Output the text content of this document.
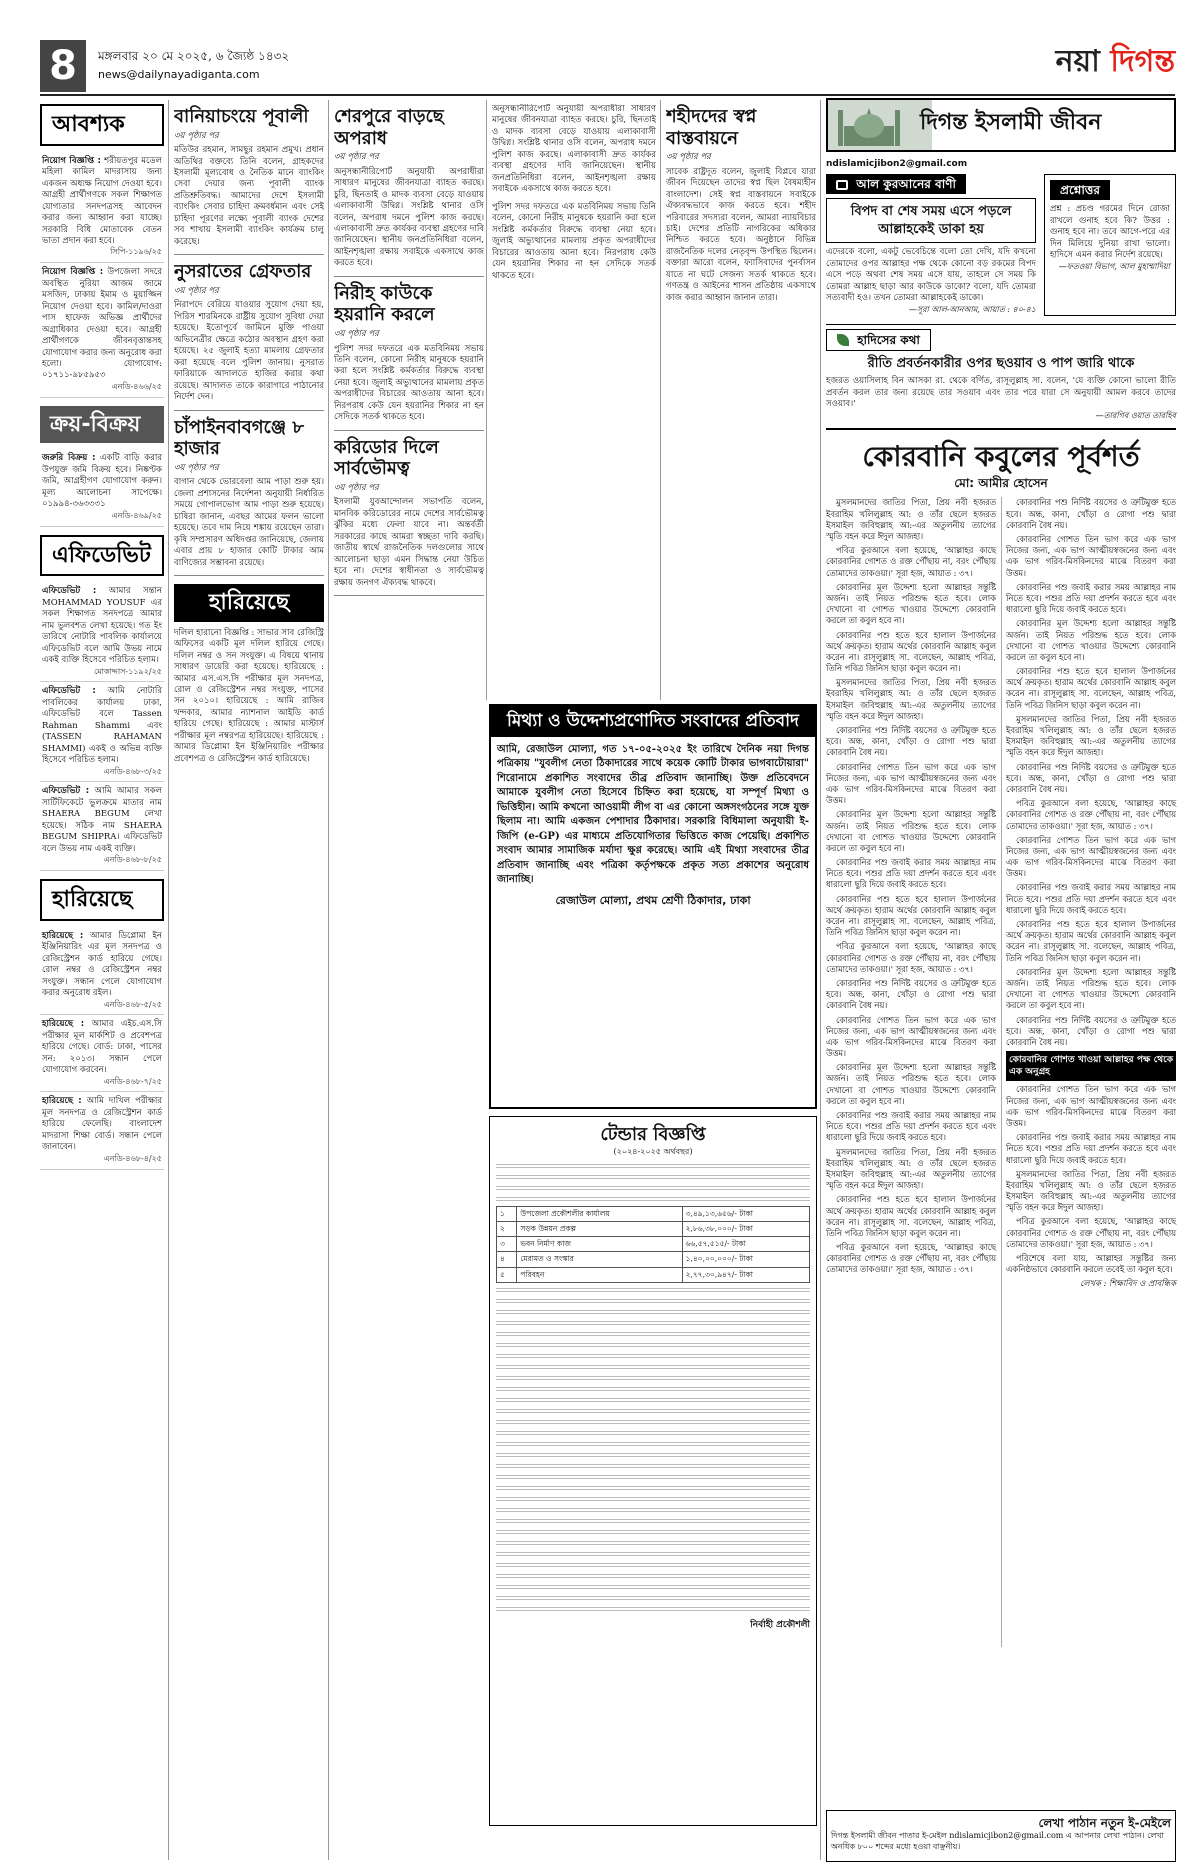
8	মঙ্গলবার ২০ মে ২০২৫, ৬ জ্যৈষ্ঠ ১৪৩২
news@dailynayadiganta.com	নয়া দিগন্ত
আবশ্যক
নিয়োগ বিজ্ঞপ্তি : শরীয়তপুর মডেল মহিলা কামিল মাদরাসায় জন্য একজন অধ্যক্ষ নিয়োগ দেওয়া হবে। আগ্রহী প্রার্থীগণকে সকল শিক্ষাগত যোগ্যতার সনদপত্রসহ আবেদন করার জন্য আহ্বান করা যাচ্ছে। সরকারি বিধি মোতাবেক বেতন ভাতা প্রদান করা হবে।
সিপি-১১৯৬/২৫
নিয়োগ বিজ্ঞপ্তি : উপজেলা সদরে অবস্থিত নুরিয়া আজম জামে মসজিদ, ঢাকায় ইমাম ও মুয়াজ্জিন নিয়োগ দেওয়া হবে। কামিল/দাওরা পাস হাফেজ অভিজ্ঞ প্রার্থীদের অগ্রাধিকার দেওয়া হবে। আগ্রহী প্রার্থীগণকে জীবনবৃত্তান্তসহ যোগাযোগ করার জন্য অনুরোধ করা হলো। যোগাযোগ: ০১৭১১-৯৮৫৯৫৩
এনডি-৪৬৬/২৫
ক্রয়-বিক্রয়
জরুরি বিক্রয় : একটি বাড়ি করার উপযুক্ত জমি বিক্রয় হবে। নিষ্কণ্টক জমি, আগ্রহীগণ যোগাযোগ করুন। মূল্য আলোচনা সাপেক্ষে। ০১৯৯৪-৩৬৩৩৩১
এনডি-৪৬৯/২৫
এফিডেভিট
এফিডেভিট : আমার সন্তান MOHAMMAD YOUSUF এর সকল শিক্ষাগত সনদপত্রে আমার নাম ভুলবশত লেখা হয়েছে। গত ইং তারিখে নোটারি পাবলিক কার্যালয়ে এফিডেভিট বলে আমি উভয় নামে একই ব্যক্তি হিসেবে পরিচিত হলাম।
মোকাদ্দাস-১১৯২/২৫
এফিডেভিট : আমি নোটারি পাবলিকের কার্যালয় ঢাকা, এফিডেভিট বলে Tassen Rahman Shammi এবং (TASSEN RAHAMAN SHAMMI) একই ও অভিন্ন ব্যক্তি হিসেবে পরিচিত হলাম।
এনডি-৪৬৮-৩/২৫
এফিডেভিট : আমি আমার সকল সার্টিফিকেটে ভুলক্রমে মাতার নাম SHAERA BEGUM লেখা হয়েছে। সঠিক নাম SHAERA BEGUM SHIPRA। এফিডেভিট বলে উভয় নাম একই ব্যক্তি।
এনডি-৪৬৮-৮/২৫
হারিয়েছে
হারিয়েছে : আমার ডিপ্লোমা ইন ইঞ্জিনিয়ারিং এর মূল সনদপত্র ও রেজিস্ট্রেশন কার্ড হারিয়ে গেছে। রোল নম্বর ও রেজিস্ট্রেশন নম্বর সংযুক্ত। সন্ধান পেলে যোগাযোগ করার অনুরোধ রইল।
এনডি-৪৬৮-৫/২৫
হারিয়েছে : আমার এইচ.এস.সি পরীক্ষার মূল মার্কশিট ও প্রবেশপত্র হারিয়ে গেছে। বোর্ড: ঢাকা, পাসের সন: ২০১৩। সন্ধান পেলে যোগাযোগ করবেন।
এনডি-৪৬৮-৭/২৫
হারিয়েছে : আমি দাখিল পরীক্ষার মূল সনদপত্র ও রেজিস্ট্রেশন কার্ড হারিয়ে ফেলেছি। বাংলাদেশ মাদরাসা শিক্ষা বোর্ড। সন্ধান পেলে জানাবেন।
এনডি-৪৬৮-৪/২৫
বানিয়াচংয়ে পূবালী
৩য় পৃষ্ঠার পর
মতিউর রহমান, সামছুর রহমান প্রমুখ। প্রধান অতিথির বক্তব্যে তিনি বলেন, গ্রাহকদের ইসলামী মূল্যবোধ ও নৈতিক মানে ব্যাংকিং সেবা দেয়ার জন্য পূবালী ব্যাংক প্রতিশ্রুতিবদ্ধ। আমাদের দেশে ইসলামী ব্যাংকিং সেবার চাহিদা ক্রমবর্ধমান এবং সেই চাহিদা পূরণের লক্ষ্যে পূবালী ব্যাংক দেশের সব শাখায় ইসলামী ব্যাংকিং কার্যক্রম চালু করেছে।
নুসরাতের গ্রেফতার
৩য় পৃষ্ঠার পর
নিরাপদে বেরিয়ে যাওয়ার সুযোগ দেয়া হয়, পিরিস শারমিনকে রাষ্ট্রীয় সুযোগ সুবিধা দেয়া হয়েছে। ইতোপূর্বে জামিনে মুক্তি পাওয়া অভিনেত্রীর ক্ষেত্রে কঠোর অবস্থান গ্রহণ করা হয়েছে। ২৫ জুলাই হত্যা মামলায় গ্রেফতার করা হয়েছে বলে পুলিশ জানায়। নুসরাত ফারিয়াকে আদালতে হাজির করার কথা রয়েছে। আদালত তাকে কারাগারে পাঠানোর নির্দেশ দেন।
চাঁপাইনবাবগঞ্জে ৮ হাজার
৩য় পৃষ্ঠার পর
বাগান থেকে ভোরবেলা আম পাড়া শুরু হয়। জেলা প্রশাসনের নির্দেশনা অনুযায়ী নির্ধারিত সময়ে গোপালভোগ আম পাড়া শুরু হয়েছে। চাষিরা জানান, এবছর আমের ফলন ভালো হয়েছে। তবে দাম নিয়ে শঙ্কায় রয়েছেন তারা। কৃষি সম্প্রসারণ অধিদপ্তর জানিয়েছে, জেলায় এবার প্রায় ৮ হাজার কোটি টাকার আম বাণিজ্যের সম্ভাবনা রয়েছে।
হারিয়েছে
দলিল হারানো বিজ্ঞপ্তি : সাভার সাব রেজিস্ট্রি অফিসের একটি মূল দলিল হারিয়ে গেছে। দলিল নম্বর ও সন সংযুক্ত। এ বিষয়ে থানায় সাধারণ ডায়েরি করা হয়েছে। হারিয়েছে : আমার এস.এস.সি পরীক্ষার মূল সনদপত্র, রোল ও রেজিস্ট্রেশন নম্বর সংযুক্ত, পাসের সন ২০১০। হারিয়েছে : আমি রাজিব খন্দকার, আমার ন্যাশনাল আইডি কার্ড হারিয়ে গেছে। হারিয়েছে : আমার মাস্টার্স পরীক্ষার মূল নম্বরপত্র হারিয়েছে। হারিয়েছে : আমার ডিপ্লোমা ইন ইঞ্জিনিয়ারিং পরীক্ষার প্রবেশপত্র ও রেজিস্ট্রেশন কার্ড হারিয়েছে।
শেরপুরে বাড়ছে অপরাধ
৩য় পৃষ্ঠার পর
অনুসন্ধানীরিপোর্ট অনুযায়ী অপরাধীরা সাধারণ মানুষের জীবনযাত্রা ব্যাহত করছে। চুরি, ছিনতাই ও মাদক ব্যবসা বেড়ে যাওয়ায় এলাকাবাসী উদ্বিগ্ন। সংশ্লিষ্ট থানার ওসি বলেন, অপরাধ দমনে পুলিশ কাজ করছে। এলাকাবাসী দ্রুত কার্যকর ব্যবস্থা গ্রহণের দাবি জানিয়েছেন। স্থানীয় জনপ্রতিনিধিরা বলেন, আইনশৃঙ্খলা রক্ষায় সবাইকে একসাথে কাজ করতে হবে।
নিরীহ কাউকে হয়রানি করলে
৩য় পৃষ্ঠার পর
পুলিশ সদর দফতরে এক মতবিনিময় সভায় তিনি বলেন, কোনো নিরীহ মানুষকে হয়রানি করা হলে সংশ্লিষ্ট কর্মকর্তার বিরুদ্ধে ব্যবস্থা নেয়া হবে। জুলাই অভ্যুত্থানের মামলায় প্রকৃত অপরাধীদের বিচারের আওতায় আনা হবে। নিরপরাধ কেউ যেন হয়রানির শিকার না হন সেদিকে সতর্ক থাকতে হবে।
করিডোর দিলে সার্বভৌমত্ব
৩য় পৃষ্ঠার পর
ইসলামী যুবআন্দোলন সভাপতি বলেন, মানবিক করিডোরের নামে দেশের সার্বভৌমত্ব ঝুঁকির মধ্যে ফেলা যাবে না। অন্তর্বর্তী সরকারের কাছে আমরা স্বচ্ছতা দাবি করছি। জাতীয় স্বার্থে রাজনৈতিক দলগুলোর সাথে আলোচনা ছাড়া এমন সিদ্ধান্ত নেয়া উচিত হবে না। দেশের স্বাধীনতা ও সার্বভৌমত্ব রক্ষায় জনগণ ঐক্যবদ্ধ থাকবে।
শহীদদের স্বপ্ন বাস্তবায়নে
৩য় পৃষ্ঠার পর
সাবেক রাষ্ট্রদূত বলেন, জুলাই বিপ্লবে যারা জীবন দিয়েছেন তাদের স্বপ্ন ছিল বৈষম্যহীন বাংলাদেশ। সেই স্বপ্ন বাস্তবায়নে সবাইকে ঐক্যবদ্ধভাবে কাজ করতে হবে। শহীদ পরিবারের সদস্যরা বলেন, আমরা ন্যায়বিচার চাই। দেশের প্রতিটি নাগরিকের অধিকার নিশ্চিত করতে হবে। অনুষ্ঠানে বিভিন্ন রাজনৈতিক দলের নেতৃবৃন্দ উপস্থিত ছিলেন। বক্তারা আরো বলেন, ফ্যাসিবাদের পুনর্বাসন যাতে না ঘটে সেজন্য সতর্ক থাকতে হবে। গণতন্ত্র ও আইনের শাসন প্রতিষ্ঠায় একসাথে কাজ করার আহ্বান জানান তারা।
অনুসন্ধানীরিপোর্ট অনুযায়ী অপরাধীরা সাধারণ মানুষের জীবনযাত্রা ব্যাহত করছে। চুরি, ছিনতাই ও মাদক ব্যবসা বেড়ে যাওয়ায় এলাকাবাসী উদ্বিগ্ন। সংশ্লিষ্ট থানার ওসি বলেন, অপরাধ দমনে পুলিশ কাজ করছে। এলাকাবাসী দ্রুত কার্যকর ব্যবস্থা গ্রহণের দাবি জানিয়েছেন। স্থানীয় জনপ্রতিনিধিরা বলেন, আইনশৃঙ্খলা রক্ষায় সবাইকে একসাথে কাজ করতে হবে।
পুলিশ সদর দফতরে এক মতবিনিময় সভায় তিনি বলেন, কোনো নিরীহ মানুষকে হয়রানি করা হলে সংশ্লিষ্ট কর্মকর্তার বিরুদ্ধে ব্যবস্থা নেয়া হবে। জুলাই অভ্যুত্থানের মামলায় প্রকৃত অপরাধীদের বিচারের আওতায় আনা হবে। নিরপরাধ কেউ যেন হয়রানির শিকার না হন সেদিকে সতর্ক থাকতে হবে।
মিথ্যা ও উদ্দেশ্যপ্রণোদিত সংবাদের প্রতিবাদ
আমি, রেজাউল মোল্যা, গত ১৭-০৫-২০২৫ ইং তারিখে দৈনিক নয়া দিগন্ত পত্রিকায় "যুবলীগ নেতা ঠিকাদারের সাথে কয়েক কোটি টাকার ভাগবাটোয়ারা" শিরোনামে প্রকাশিত সংবাদের তীব্র প্রতিবাদ জানাচ্ছি। উক্ত প্রতিবেদনে আমাকে যুবলীগ নেতা হিসেবে চিহ্নিত করা হয়েছে, যা সম্পূর্ণ মিথ্যা ও ভিত্তিহীন। আমি কখনো আওয়ামী লীগ বা এর কোনো অঙ্গসংগঠনের সঙ্গে যুক্ত ছিলাম না। আমি একজন পেশাদার ঠিকাদার। সরকারি বিধিমালা অনুযায়ী ই-জিপি (e-GP) এর মাধ্যমে প্রতিযোগিতার ভিত্তিতে কাজ পেয়েছি। প্রকাশিত সংবাদ আমার সামাজিক মর্যাদা ক্ষুণ্ণ করেছে। আমি এই মিথ্যা সংবাদের তীব্র প্রতিবাদ জানাচ্ছি এবং পত্রিকা কর্তৃপক্ষকে প্রকৃত সত্য প্রকাশের অনুরোধ জানাচ্ছি।
রেজাউল মোল্যা, প্রথম শ্রেণী ঠিকাদার, ঢাকা
টেন্ডার বিজ্ঞপ্তি
(২০২৪-২০২৫ অর্থবছর)
১	উপজেলা প্রকৌশলীর কার্যালয়	৩,৪৯,১৩,৬৫৬/- টাকা
২	সড়ক উন্নয়ন প্রকল্প	২,৮৬,৩৮,০০০/- টাকা
৩	ভবন নির্মাণ কাজ	৬৬,৫৭,৫১৫/- টাকা
৪	মেরামত ও সংস্কার	১,৪০,০০,০০০/- টাকা
৫	পরিবহন	২,৭৭,৩০,৯৪৭/- টাকা
নির্বাহী প্রকৌশলী
দিগন্ত ইসলামী জীবন
ndislamicjibon2@gmail.com
আল কুরআনের বাণী
বিপদ বা শেষ সময় এসে পড়লে আল্লাহকেই ডাকা হয়
এদেরকে বলো, একটু ভেবেচিন্তে বলো তো দেখি, যদি কখনো তোমাদের ওপর আল্লাহর পক্ষ থেকে কোনো বড় রকমের বিপদ এসে পড়ে অথবা শেষ সময় এসে যায়, তাহলে সে সময় কি তোমরা আল্লাহ ছাড়া আর কাউকে ডাকো? বলো, যদি তোমরা সত্যবাদী হও। তখন তোমরা আল্লাহকেই ডাকো।
—সূরা আল-আনআম, আয়াত : ৪০-৪১
প্রশ্নোত্তর
প্রশ্ন : প্রচণ্ড গরমের দিনে রোজা রাখলে গুনাহ হবে কি? উত্তর : গুনাহ হবে না। তবে আগে-পরে এর দিন মিলিয়ে দুনিয়া রাখা ভালো। হাদিসে এমন করার নির্দেশ রয়েছে।
—ফতওয়া বিভাগ, আল মুহাম্মাদিয়া
হাদিসের কথা
রীতি প্রবর্তনকারীর ওপর ছওয়াব ও পাপ জারি থাকে
হজরত ওয়াসিলাহ বিন আসকা রা. থেকে বর্ণিত, রাসূলুল্লাহ সা. বলেন, 'যে ব্যক্তি কোনো ভালো রীতি প্রবর্তন করল তার জন্য রয়েছে তার সওয়াব এবং তার পরে যারা সে অনুযায়ী আমল করবে তাদের সওয়াব।'
—তারগিব ওয়াত তারহিব
কোরবানি কবুলের পূর্বশর্ত
মো: আমীর হোসেন

মুসলমানদের জাতির পিতা, প্রিয় নবী হজরত ইবরাহিম খলিলুল্লাহ আ: ও তাঁর ছেলে হজরত ইসমাইল জবিহুল্লাহ আ:-এর অতুলনীয় ত্যাগের স্মৃতি বহন করে ঈদুল আজহা।

পবিত্র কুরআনে বলা হয়েছে, 'আল্লাহর কাছে কোরবানির গোশত ও রক্ত পৌঁছায় না, বরং পৌঁছায় তোমাদের তাকওয়া।' সূরা হজ, আয়াত : ৩৭।

কোরবানির মূল উদ্দেশ্য হলো আল্লাহর সন্তুষ্টি অর্জন। তাই নিয়ত পরিশুদ্ধ হতে হবে। লোক দেখানো বা গোশত খাওয়ার উদ্দেশ্যে কোরবানি করলে তা কবুল হবে না।

কোরবানির পশু হতে হবে হালাল উপার্জনের অর্থে ক্রয়কৃত। হারাম অর্থের কোরবানি আল্লাহ কবুল করেন না। রাসূলুল্লাহ সা. বলেছেন, আল্লাহ পবিত্র, তিনি পবিত্র জিনিস ছাড়া কবুল করেন না।

মুসলমানদের জাতির পিতা, প্রিয় নবী হজরত ইবরাহিম খলিলুল্লাহ আ: ও তাঁর ছেলে হজরত ইসমাইল জবিহুল্লাহ আ:-এর অতুলনীয় ত্যাগের স্মৃতি বহন করে ঈদুল আজহা।

কোরবানির পশু নির্দিষ্ট বয়সের ও ত্রুটিমুক্ত হতে হবে। অন্ধ, কানা, খোঁড়া ও রোগা পশু দ্বারা কোরবানি বৈধ নয়।

কোরবানির গোশত তিন ভাগ করে এক ভাগ নিজের জন্য, এক ভাগ আত্মীয়স্বজনের জন্য এবং এক ভাগ গরিব-মিসকিনদের মাঝে বিতরণ করা উত্তম।

কোরবানির মূল উদ্দেশ্য হলো আল্লাহর সন্তুষ্টি অর্জন। তাই নিয়ত পরিশুদ্ধ হতে হবে। লোক দেখানো বা গোশত খাওয়ার উদ্দেশ্যে কোরবানি করলে তা কবুল হবে না।

কোরবানির পশু জবাই করার সময় আল্লাহর নাম নিতে হবে। পশুর প্রতি দয়া প্রদর্শন করতে হবে এবং ধারালো ছুরি দিয়ে জবাই করতে হবে।

কোরবানির পশু হতে হবে হালাল উপার্জনের অর্থে ক্রয়কৃত। হারাম অর্থের কোরবানি আল্লাহ কবুল করেন না। রাসূলুল্লাহ সা. বলেছেন, আল্লাহ পবিত্র, তিনি পবিত্র জিনিস ছাড়া কবুল করেন না।

পবিত্র কুরআনে বলা হয়েছে, 'আল্লাহর কাছে কোরবানির গোশত ও রক্ত পৌঁছায় না, বরং পৌঁছায় তোমাদের তাকওয়া।' সূরা হজ, আয়াত : ৩৭।

কোরবানির পশু নির্দিষ্ট বয়সের ও ত্রুটিমুক্ত হতে হবে। অন্ধ, কানা, খোঁড়া ও রোগা পশু দ্বারা কোরবানি বৈধ নয়।

কোরবানির গোশত তিন ভাগ করে এক ভাগ নিজের জন্য, এক ভাগ আত্মীয়স্বজনের জন্য এবং এক ভাগ গরিব-মিসকিনদের মাঝে বিতরণ করা উত্তম।

কোরবানির মূল উদ্দেশ্য হলো আল্লাহর সন্তুষ্টি অর্জন। তাই নিয়ত পরিশুদ্ধ হতে হবে। লোক দেখানো বা গোশত খাওয়ার উদ্দেশ্যে কোরবানি করলে তা কবুল হবে না।

কোরবানির পশু জবাই করার সময় আল্লাহর নাম নিতে হবে। পশুর প্রতি দয়া প্রদর্শন করতে হবে এবং ধারালো ছুরি দিয়ে জবাই করতে হবে।

মুসলমানদের জাতির পিতা, প্রিয় নবী হজরত ইবরাহিম খলিলুল্লাহ আ: ও তাঁর ছেলে হজরত ইসমাইল জবিহুল্লাহ আ:-এর অতুলনীয় ত্যাগের স্মৃতি বহন করে ঈদুল আজহা।

কোরবানির পশু হতে হবে হালাল উপার্জনের অর্থে ক্রয়কৃত। হারাম অর্থের কোরবানি আল্লাহ কবুল করেন না। রাসূলুল্লাহ সা. বলেছেন, আল্লাহ পবিত্র, তিনি পবিত্র জিনিস ছাড়া কবুল করেন না।

পবিত্র কুরআনে বলা হয়েছে, 'আল্লাহর কাছে কোরবানির গোশত ও রক্ত পৌঁছায় না, বরং পৌঁছায় তোমাদের তাকওয়া।' সূরা হজ, আয়াত : ৩৭।

কোরবানির পশু নির্দিষ্ট বয়সের ও ত্রুটিমুক্ত হতে হবে। অন্ধ, কানা, খোঁড়া ও রোগা পশু দ্বারা কোরবানি বৈধ নয়।

কোরবানির গোশত তিন ভাগ করে এক ভাগ নিজের জন্য, এক ভাগ আত্মীয়স্বজনের জন্য এবং এক ভাগ গরিব-মিসকিনদের মাঝে বিতরণ করা উত্তম।

কোরবানির পশু জবাই করার সময় আল্লাহর নাম নিতে হবে। পশুর প্রতি দয়া প্রদর্শন করতে হবে এবং ধারালো ছুরি দিয়ে জবাই করতে হবে।

কোরবানির মূল উদ্দেশ্য হলো আল্লাহর সন্তুষ্টি অর্জন। তাই নিয়ত পরিশুদ্ধ হতে হবে। লোক দেখানো বা গোশত খাওয়ার উদ্দেশ্যে কোরবানি করলে তা কবুল হবে না।

কোরবানির পশু হতে হবে হালাল উপার্জনের অর্থে ক্রয়কৃত। হারাম অর্থের কোরবানি আল্লাহ কবুল করেন না। রাসূলুল্লাহ সা. বলেছেন, আল্লাহ পবিত্র, তিনি পবিত্র জিনিস ছাড়া কবুল করেন না।

মুসলমানদের জাতির পিতা, প্রিয় নবী হজরত ইবরাহিম খলিলুল্লাহ আ: ও তাঁর ছেলে হজরত ইসমাইল জবিহুল্লাহ আ:-এর অতুলনীয় ত্যাগের স্মৃতি বহন করে ঈদুল আজহা।

কোরবানির পশু নির্দিষ্ট বয়সের ও ত্রুটিমুক্ত হতে হবে। অন্ধ, কানা, খোঁড়া ও রোগা পশু দ্বারা কোরবানি বৈধ নয়।

পবিত্র কুরআনে বলা হয়েছে, 'আল্লাহর কাছে কোরবানির গোশত ও রক্ত পৌঁছায় না, বরং পৌঁছায় তোমাদের তাকওয়া।' সূরা হজ, আয়াত : ৩৭।

কোরবানির গোশত তিন ভাগ করে এক ভাগ নিজের জন্য, এক ভাগ আত্মীয়স্বজনের জন্য এবং এক ভাগ গরিব-মিসকিনদের মাঝে বিতরণ করা উত্তম।

কোরবানির পশু জবাই করার সময় আল্লাহর নাম নিতে হবে। পশুর প্রতি দয়া প্রদর্শন করতে হবে এবং ধারালো ছুরি দিয়ে জবাই করতে হবে।

কোরবানির পশু হতে হবে হালাল উপার্জনের অর্থে ক্রয়কৃত। হারাম অর্থের কোরবানি আল্লাহ কবুল করেন না। রাসূলুল্লাহ সা. বলেছেন, আল্লাহ পবিত্র, তিনি পবিত্র জিনিস ছাড়া কবুল করেন না।

কোরবানির মূল উদ্দেশ্য হলো আল্লাহর সন্তুষ্টি অর্জন। তাই নিয়ত পরিশুদ্ধ হতে হবে। লোক দেখানো বা গোশত খাওয়ার উদ্দেশ্যে কোরবানি করলে তা কবুল হবে না।

কোরবানির পশু নির্দিষ্ট বয়সের ও ত্রুটিমুক্ত হতে হবে। অন্ধ, কানা, খোঁড়া ও রোগা পশু দ্বারা কোরবানি বৈধ নয়।

কোরবানির গোশত খাওয়া আল্লাহর পক্ষ থেকে এক অনুগ্রহ

কোরবানির গোশত তিন ভাগ করে এক ভাগ নিজের জন্য, এক ভাগ আত্মীয়স্বজনের জন্য এবং এক ভাগ গরিব-মিসকিনদের মাঝে বিতরণ করা উত্তম।

কোরবানির পশু জবাই করার সময় আল্লাহর নাম নিতে হবে। পশুর প্রতি দয়া প্রদর্শন করতে হবে এবং ধারালো ছুরি দিয়ে জবাই করতে হবে।

মুসলমানদের জাতির পিতা, প্রিয় নবী হজরত ইবরাহিম খলিলুল্লাহ আ: ও তাঁর ছেলে হজরত ইসমাইল জবিহুল্লাহ আ:-এর অতুলনীয় ত্যাগের স্মৃতি বহন করে ঈদুল আজহা।

পবিত্র কুরআনে বলা হয়েছে, 'আল্লাহর কাছে কোরবানির গোশত ও রক্ত পৌঁছায় না, বরং পৌঁছায় তোমাদের তাকওয়া।' সূরা হজ, আয়াত : ৩৭।

পরিশেষে বলা যায়, আল্লাহর সন্তুষ্টির জন্য একনিষ্ঠভাবে কোরবানি করলে তবেই তা কবুল হবে।

লেখক : শিক্ষাবিদ ও প্রাবন্ধিক

লেখা পাঠান নতুন ই-মেইলে
দিগন্ত ইসলামী জীবন পাতার ই-মেইল ndislamicjibon2@gmail.com এ আপনার লেখা পাঠান। লেখা অনধিক ৮০০ শব্দের মধ্যে হওয়া বাঞ্ছনীয়।
